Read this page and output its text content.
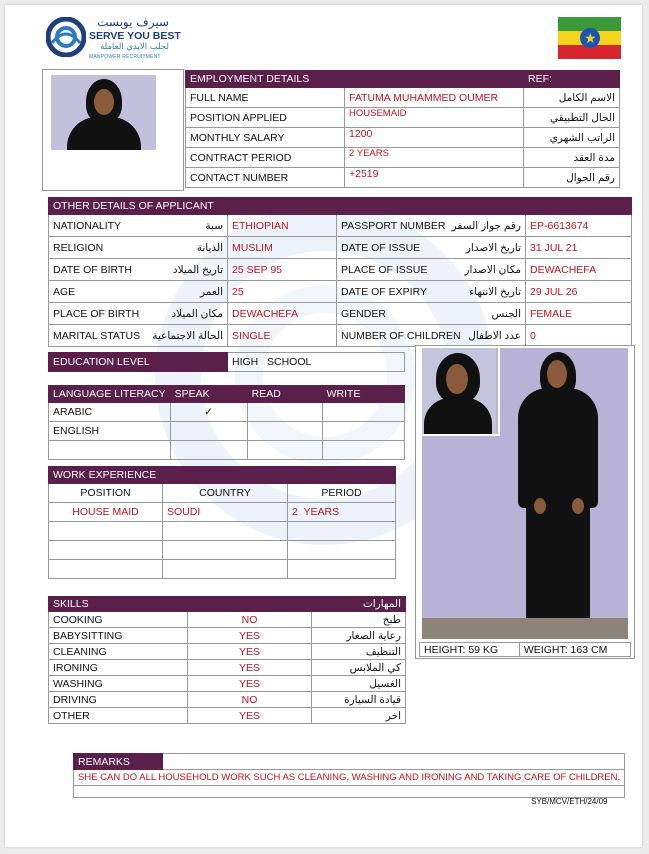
سيرف يوبست
SERVE YOU BEST
لجلب الايدي العاملة
MANPOWER RECRUITMENT
★
EMPLOYMENT DETAILS		REF:
FULL NAME	FATUMA MUHAMMED OUMER	الاسم الكامل
POSITION APPLIED	HOUSEMAID	الحال التطبيقي
MONTHLY SALARY	1200	الراتب الشهري
CONTRACT PERIOD	2 YEARS	مدة العقد
CONTACT NUMBER	+2519	رقم الجوال
OTHER DETAILS OF APPLICANT			
NATIONALITY سبة	ETHIOPIAN	PASSPORT NUMBER رقم جواز السفر	EP-6613674
RELIGION الديانة	MUSLIM	DATE OF ISSUE تاريخ الاصدار	31 JUL 21
DATE OF BIRTH تاريخ الميلاد	25 SEP 95	PLACE OF ISSUE مكان الاصدار	DEWACHEFA
AGE العمر	25	DATE OF EXPIRY تاريخ الانتهاء	29 JUL 26
PLACE OF BIRTH مكان الميلاد	DEWACHEFA	GENDER الجنس	FEMALE
MARITAL STATUS الحالة الاجتماعية	SINGLE	NUMBER OF CHILDREN عدد الاطفال	0
EDUCATION LEVEL	HIGH   SCHOOL
LANGUAGE LITERACY	SPEAK	READ	WRITE
ARABIC	✓		
ENGLISH			

WORK EXPERIENCE		
POSITION	COUNTRY	PERIOD
HOUSE MAID	SOUDI	2  YEARS

SKILLS		المهارات
COOKING	NO	طبخ
BABYSITTING	YES	رعاية الصغار
CLEANING	YES	التنظيف
IRONING	YES	كي الملابس
WASHING	YES	الغسيل
DRIVING	NO	قيادة السيارة
OTHER	YES	اخر
HEIGHT: 59 KG	WEIGHT: 163 CM
REMARKS	
SHE CAN DO ALL HOUSEHOLD WORK SUCH AS CLEANING, WASHING AND IRONING AND TAKING CARE OF CHILDREN.

SYB/MCV/ETH/24/09
